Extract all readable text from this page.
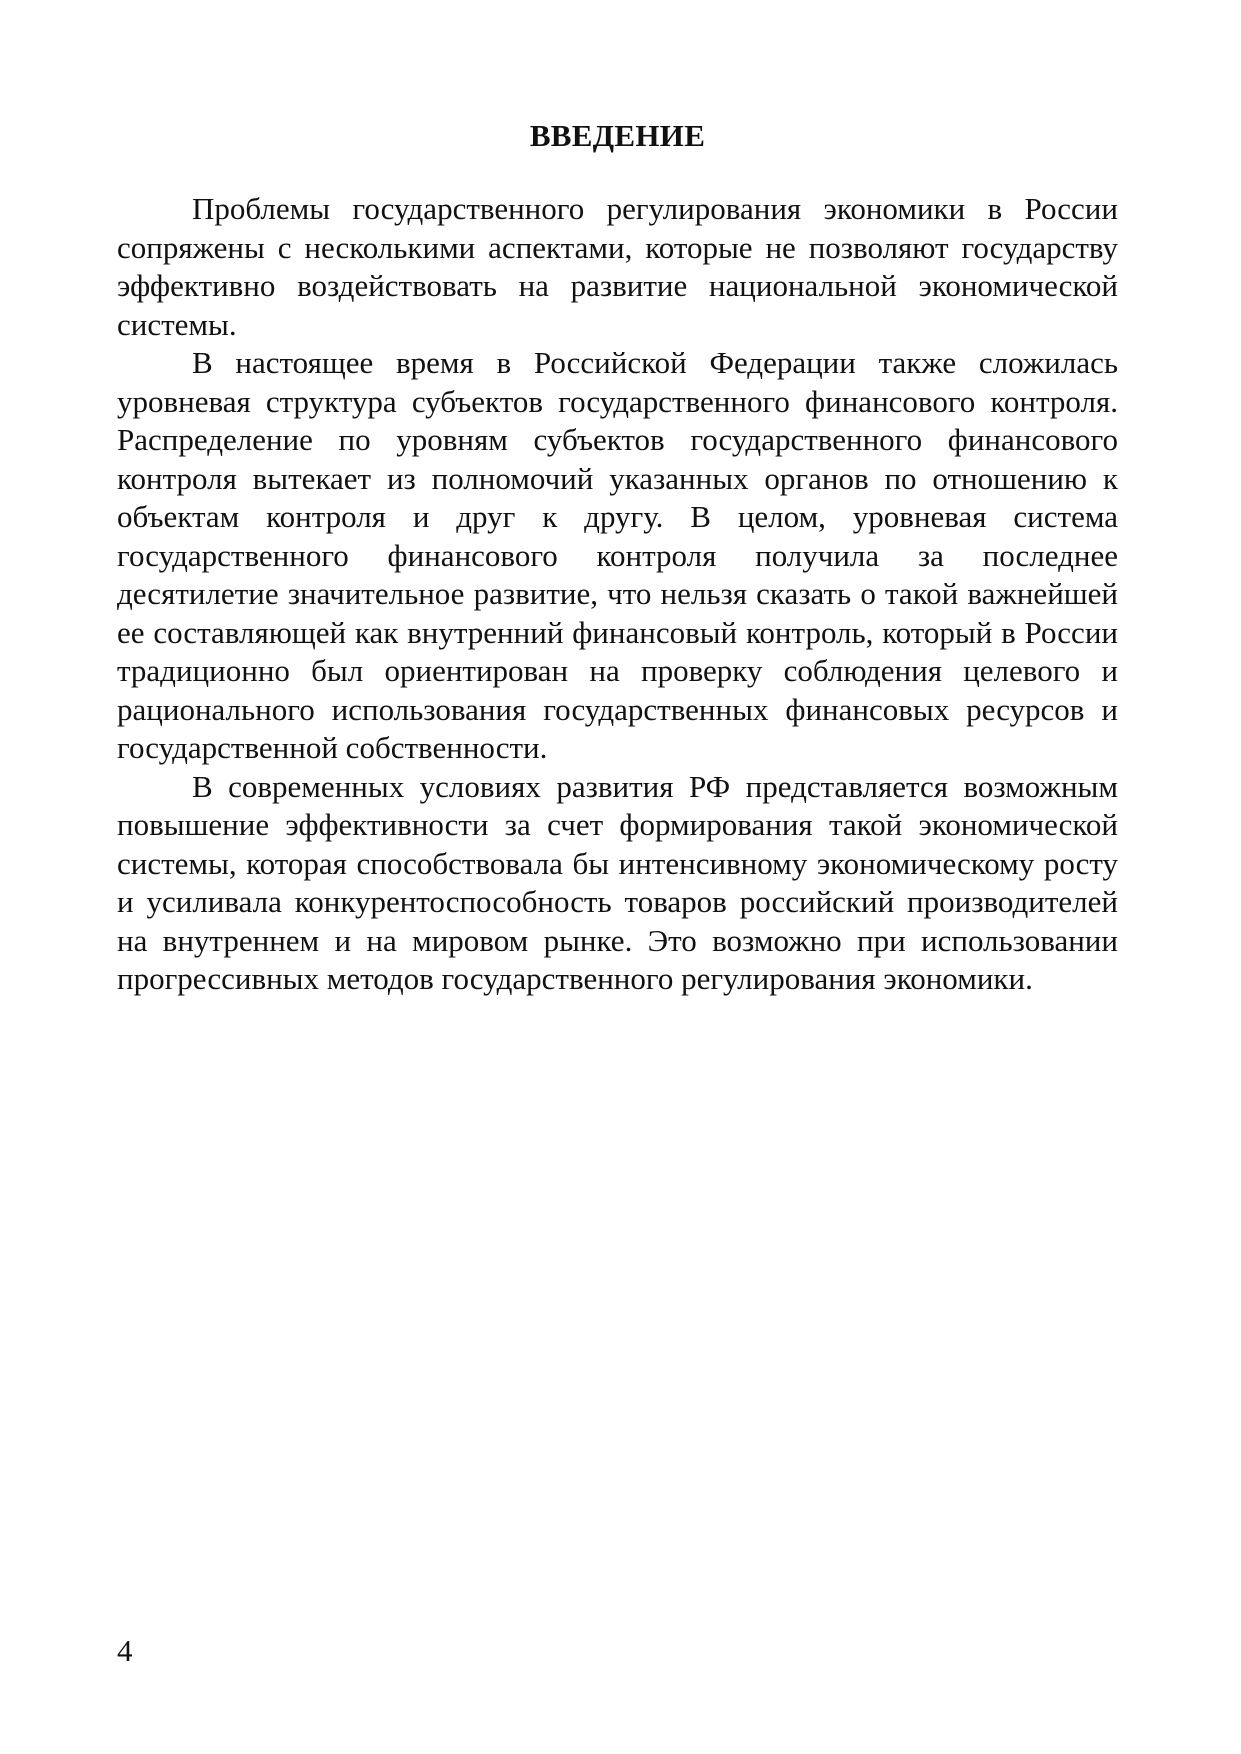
ВВЕДЕНИЕ

Проблемы государственного регулирования экономики в России сопряжены с несколькими аспектами, которые не позволяют государству эффективно воздействовать на развитие национальной экономической системы.

В настоящее время в Российской Федерации также сложилась уровневая структура субъектов государственного финансового контроля. Распределение по уровням субъектов государственного финансового контроля вытекает из полномочий указанных органов по отношению к объектам контроля и друг к другу. В целом, уровневая система государственного финансового контроля получила за последнее десятилетие значительное развитие, что нельзя сказать о такой важнейшей ее составляющей как внутренний финансовый контроль, который в России традиционно был ориентирован на проверку соблюдения целевого и рационального использования государственных финансовых ресурсов и государственной собственности.

В современных условиях развития РФ представляется возможным повышение эффективности за счет формирования такой экономической системы, которая способствовала бы интенсивному экономическому росту и усиливала конкурентоспособность товаров российский производителей на внутреннем и на мировом рынке. Это возможно при использовании прогрессивных методов государственного регулирования экономики.

4
